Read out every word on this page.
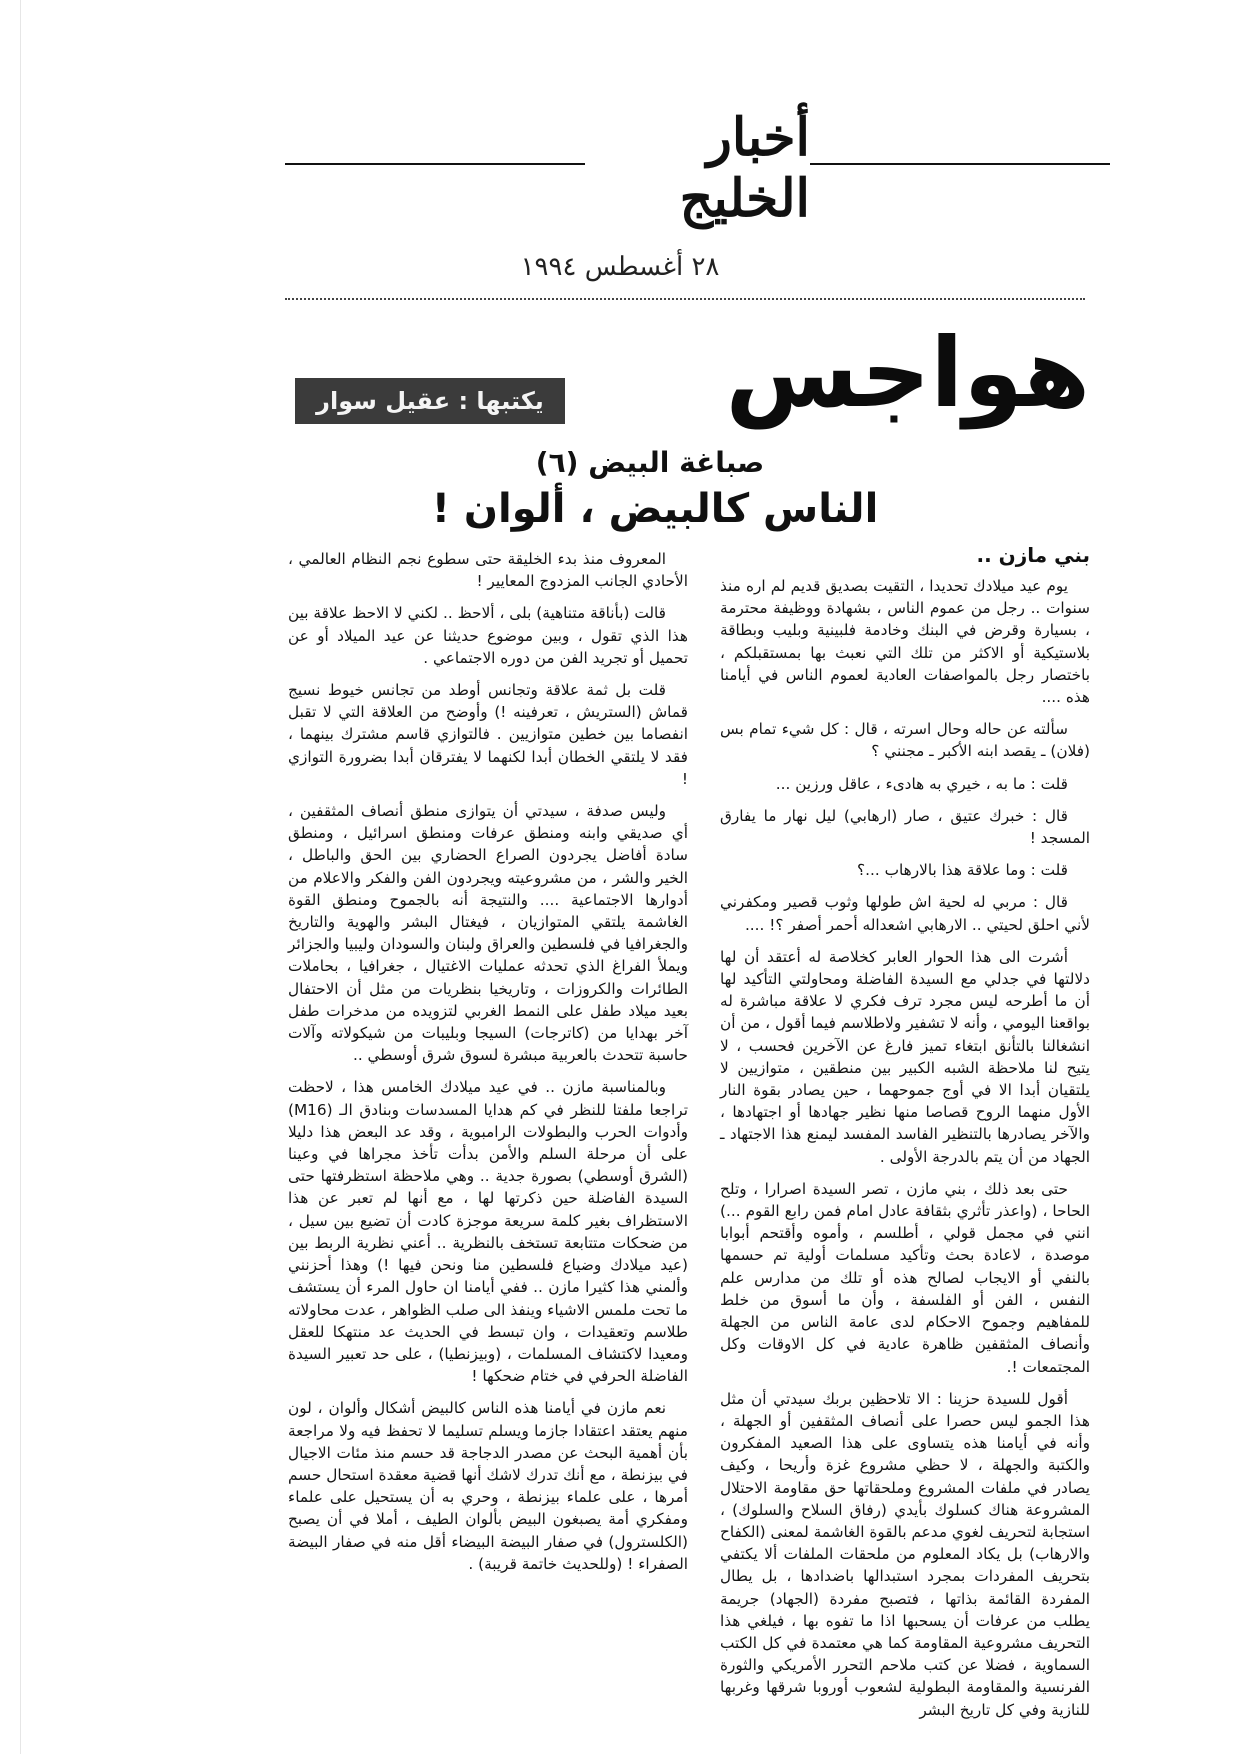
أخبار الخليج
٢٨ أغسطس ١٩٩٤
هواجس
يكتبها : عقيل سوار
صباغة البيض (٦)
الناس كالبيض ، ألوان !
بني مازن ..

يوم عيد ميلادك تحديدا ، التقيت بصديق قديم لم اره منذ سنوات .. رجل من عموم الناس ، بشهادة ووظيفة محترمة ، بسيارة وقرض في البنك وخادمة فلبينية وبليب وبطاقة بلاستيكية أو الاكثر من تلك التي نعبث بها بمستقبلكم ، باختصار رجل بالمواصفات العادية لعموم الناس في أيامنا هذه ....

سألته عن حاله وحال اسرته ، قال : كل شيء تمام بس (فلان) ـ يقصد ابنه الأكبر ـ مجنني ؟

قلت : ما به ، خيري به هادىء ، عاقل ورزين ...

قال : خبرك عتيق ، صار (ارهابي) ليل نهار ما يفارق المسجد !

قلت : وما علاقة هذا بالارهاب ...؟

قال : مربي له لحية اش طولها وثوب قصير ومكفرني لأني احلق لحيتي .. الارهابي اشعداله أحمر أصفر ؟! ....

أشرت الى هذا الحوار العابر كخلاصة له أعتقد أن لها دلالتها في جدلي مع السيدة الفاضلة ومحاولتي التأكيد لها أن ما أطرحه ليس مجرد ترف فكري لا علاقة مباشرة له بواقعنا اليومي ، وأنه لا تشفير ولاطلاسم فيما أقول ، من أن انشغالنا بالتأنق ابتغاء تميز فارغ عن الآخرين فحسب ، لا يتيح لنا ملاحظة الشبه الكبير بين منطقين ، متوازيين لا يلتقيان أبدا الا في أوج جموحهما ، حين يصادر بقوة النار الأول منهما الروح قصاصا منها نظير جهادها أو اجتهادها ، والآخر يصادرها بالتنظير الفاسد المفسد ليمنع هذا الاجتهاد ـ الجهاد من أن يتم بالدرجة الأولى .

حتى بعد ذلك ، بني مازن ، تصر السيدة اصرارا ، وتلح الحاحا ، (واعذر تأثري بثقافة عادل امام فمن رابع القوم ...) انني في مجمل قولي ، أطلسم ، وأموه وأقتحم أبوابا موصدة ، لاعادة بحث وتأكيد مسلمات أولية تم حسمها بالنفي أو الايجاب لصالح هذه أو تلك من مدارس علم النفس ، الفن أو الفلسفة ، وأن ما أسوق من خلط للمفاهيم وجموح الاحكام لدى عامة الناس من الجهلة وأنصاف المثقفين ظاهرة عادية في كل الاوقات وكل المجتمعات !.

أقول للسيدة حزينا : الا تلاحظين بربك سيدتي أن مثل هذا الجمو ليس حصرا على أنصاف المثقفين أو الجهلة ، وأنه في أيامنا هذه يتساوى على هذا الصعيد المفكرون والكتبة والجهلة ، لا حظي مشروع غزة وأريحا ، وكيف يصادر في ملفات المشروع وملحقاتها حق مقاومة الاحتلال المشروعة هناك كسلوك بأيدي (رفاق السلاح والسلوك) ، استجابة لتحريف لغوي مدعم بالقوة الغاشمة لمعنى (الكفاح والارهاب) بل يكاد المعلوم من ملحقات الملفات ألا يكتفي بتحريف المفردات بمجرد استبدالها باضدادها ، بل يطال المفردة القائمة بذاتها ، فتصبح مفردة (الجهاد) جريمة يطلب من عرفات أن يسحبها اذا ما تفوه بها ، فيلغي هذا التحريف مشروعية المقاومة كما هي معتمدة في كل الكتب السماوية ، فضلا عن كتب ملاحم التحرر الأمريكي والثورة الفرنسية والمقاومة البطولية لشعوب أوروبا شرقها وغربها للنازية وفي كل تاريخ البشر

المعروف منذ بدء الخليقة حتى سطوع نجم النظام العالمي ، الأحادي الجانب المزدوج المعايير !

قالت (بأناقة متناهية) بلى ، ألاحظ .. لكني لا الاحظ علاقة بين هذا الذي تقول ، وبين موضوع حديثنا عن عيد الميلاد أو عن تحميل أو تجريد الفن من دوره الاجتماعي .

قلت بل ثمة علاقة وتجانس أوطد من تجانس خيوط نسيج قماش (الستريش ، تعرفينه !) وأوضح من العلاقة التي لا تقبل انفصاما بين خطين متوازيين . فالتوازي قاسم مشترك بينهما ، فقد لا يلتقي الخطان أبدا لكنهما لا يفترقان أبدا بضرورة التوازي !

وليس صدفة ، سيدتي أن يتوازى منطق أنصاف المثقفين ، أي صديقي وابنه ومنطق عرفات ومنطق اسرائيل ، ومنطق سادة أفاضل يجردون الصراع الحضاري بين الحق والباطل ، الخير والشر ، من مشروعيته ويجردون الفن والفكر والاعلام من أدوارها الاجتماعية .... والنتيجة أنه بالجموح ومنطق القوة الغاشمة يلتقي المتوازيان ، فيغتال البشر والهوية والتاريخ والجغرافيا في فلسطين والعراق ولبنان والسودان وليبيا والجزائر ويملأ الفراغ الذي تحدثه عمليات الاغتيال ، جغرافيا ، بحاملات الطائرات والكروزات ، وتاريخيا بنظريات من مثل أن الاحتفال بعيد ميلاد طفل على النمط الغربي لتزويده من مدخرات طفل آخر بهدايا من (كاترجات) السيجا وبليبات من شيكولاته وآلات حاسبة تتحدث بالعربية مبشرة لسوق شرق أوسطي ..

وبالمناسبة مازن .. في عيد ميلادك الخامس هذا ، لاحظت تراجعا ملفتا للنظر في كم هدايا المسدسات وبنادق الـ (M16) وأدوات الحرب والبطولات الرامبوية ، وقد عد البعض هذا دليلا على أن مرحلة السلم والأمن بدأت تأخذ مجراها في وعينا (الشرق أوسطي) بصورة جدية .. وهي ملاحظة استظرفتها حتى السيدة الفاضلة حين ذكرتها لها ، مع أنها لم تعبر عن هذا الاستظراف بغير كلمة سريعة موجزة كادت أن تضيع بين سيل ، من ضحكات متتابعة تستخف بالنظرية .. أعني نظرية الربط بين (عيد ميلادك وضياع فلسطين منا ونحن فيها !) وهذا أحزنني وألمني هذا كثيرا مازن .. ففي أيامنا ان حاول المرء أن يستشف ما تحت ملمس الاشياء وينفذ الى صلب الظواهر ، عدت محاولاته طلاسم وتعقيدات ، وان تبسط في الحديث عد منتهكا للعقل ومعيدا لاكتشاف المسلمات ، (وبيزنطيا) ، على حد تعبير السيدة الفاضلة الحرفي في ختام ضحكها !

نعم مازن في أيامنا هذه الناس كالبيض أشكال وألوان ، لون منهم يعتقد اعتقادا جازما ويسلم تسليما لا تحفظ فيه ولا مراجعة بأن أهمية البحث عن مصدر الدجاجة قد حسم منذ مئات الاجيال في بيزنطة ، مع أنك تدرك لاشك أنها قضية معقدة استحال حسم أمرها ، على علماء بيزنطة ، وحري به أن يستحيل على علماء ومفكري أمة يصبغون البيض بألوان الطيف ، أملا في أن يصبح (الكلسترول) في صفار البيضة البيضاء أقل منه في صفار البيضة الصفراء ! (وللحديث خاتمة قريبة) .
